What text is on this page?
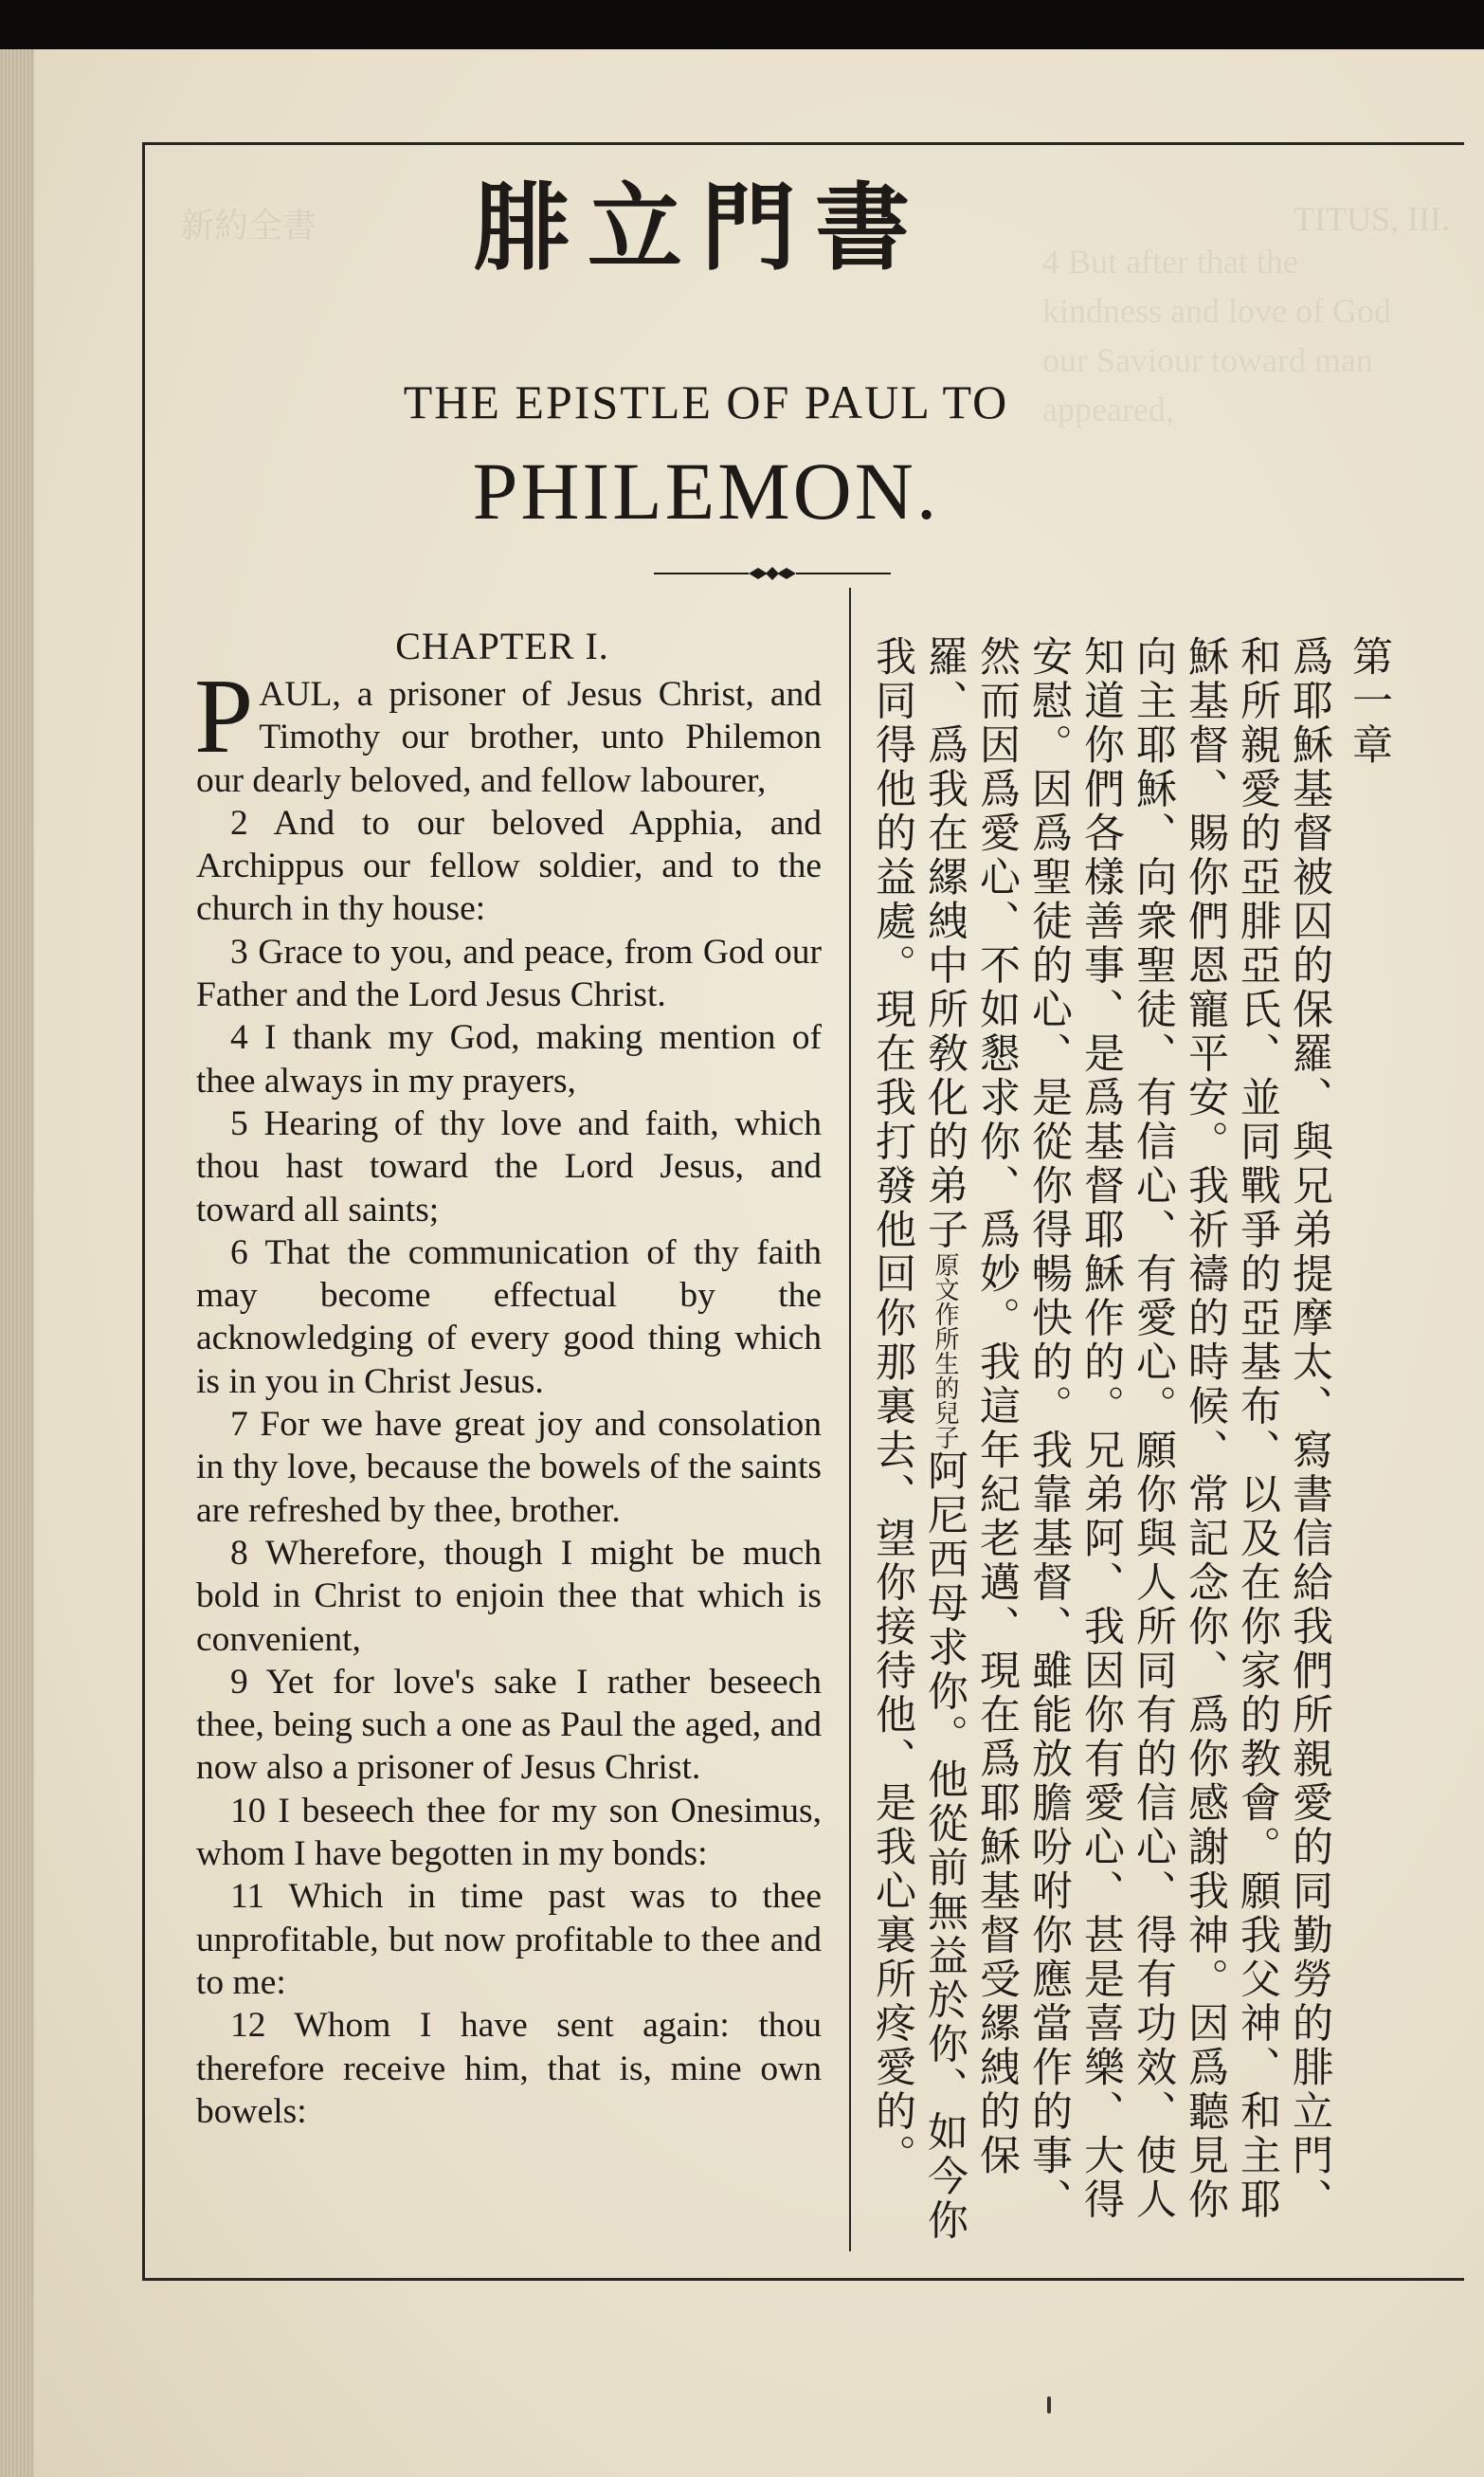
新約全書	TITUS, III.
腓立門書
THE EPISTLE OF PAUL TO
PHILEMON.
CHAPTER I.

PAUL, a prisoner of Jesus Christ, and Timothy our brother, unto Philemon our dearly beloved, and fellow labourer,

2 And to our beloved Apphia, and Archippus our fellow soldier, and to the church in thy house:

3 Grace to you, and peace, from God our Father and the Lord Jesus Christ.

4 I thank my God, making mention of thee always in my prayers,

5 Hearing of thy love and faith, which thou hast toward the Lord Jesus, and toward all saints;

6 That the communication of thy faith may become effectual by the acknowledging of every good thing which is in you in Christ Jesus.

7 For we have great joy and consolation in thy love, because the bowels of the saints are refreshed by thee, brother.

8 Wherefore, though I might be much bold in Christ to enjoin thee that which is convenient,

9 Yet for love's sake I rather beseech thee, being such a one as Paul the aged, and now also a prisoner of Jesus Christ.

10 I beseech thee for my son Onesimus, whom I have begotten in my bonds:

11 Which in time past was to thee unprofitable, but now profitable to thee and to me:

12 Whom I have sent again: thou therefore receive him, that is, mine own bowels:

第一章
爲耶穌基督被囚的保羅、與兄弟提摩太、寫書信給我們所親愛的同勤勞的腓立門、和所親愛的亞腓亞氏、並同戰爭的亞基布、以及在你家的教會。願我父神、和主耶穌基督、賜你們恩寵平安。我祈禱的時候、常記念你、爲你感謝我神。因爲聽見你向主耶穌、向衆聖徒、有信心、有愛心。願你與人所同有的信心、得有功效、使人知道你們各樣善事、是爲基督耶穌作的。兄弟阿、我因你有愛心、甚是喜樂、大得安慰。因爲聖徒的心、是從你得暢快的。我靠基督、雖能放膽吩咐你應當作的事、然而因爲愛心、不如懇求你、爲妙。我這年紀老邁、現在爲耶穌基督受縲絏的保羅、爲我在縲絏中所敎化的弟子原文作所生的兒子阿尼西母求你。他從前無益於你、如今你我同得他的益處。現在我打發他回你那裏去、望你接待他、是我心裏所疼愛的。
